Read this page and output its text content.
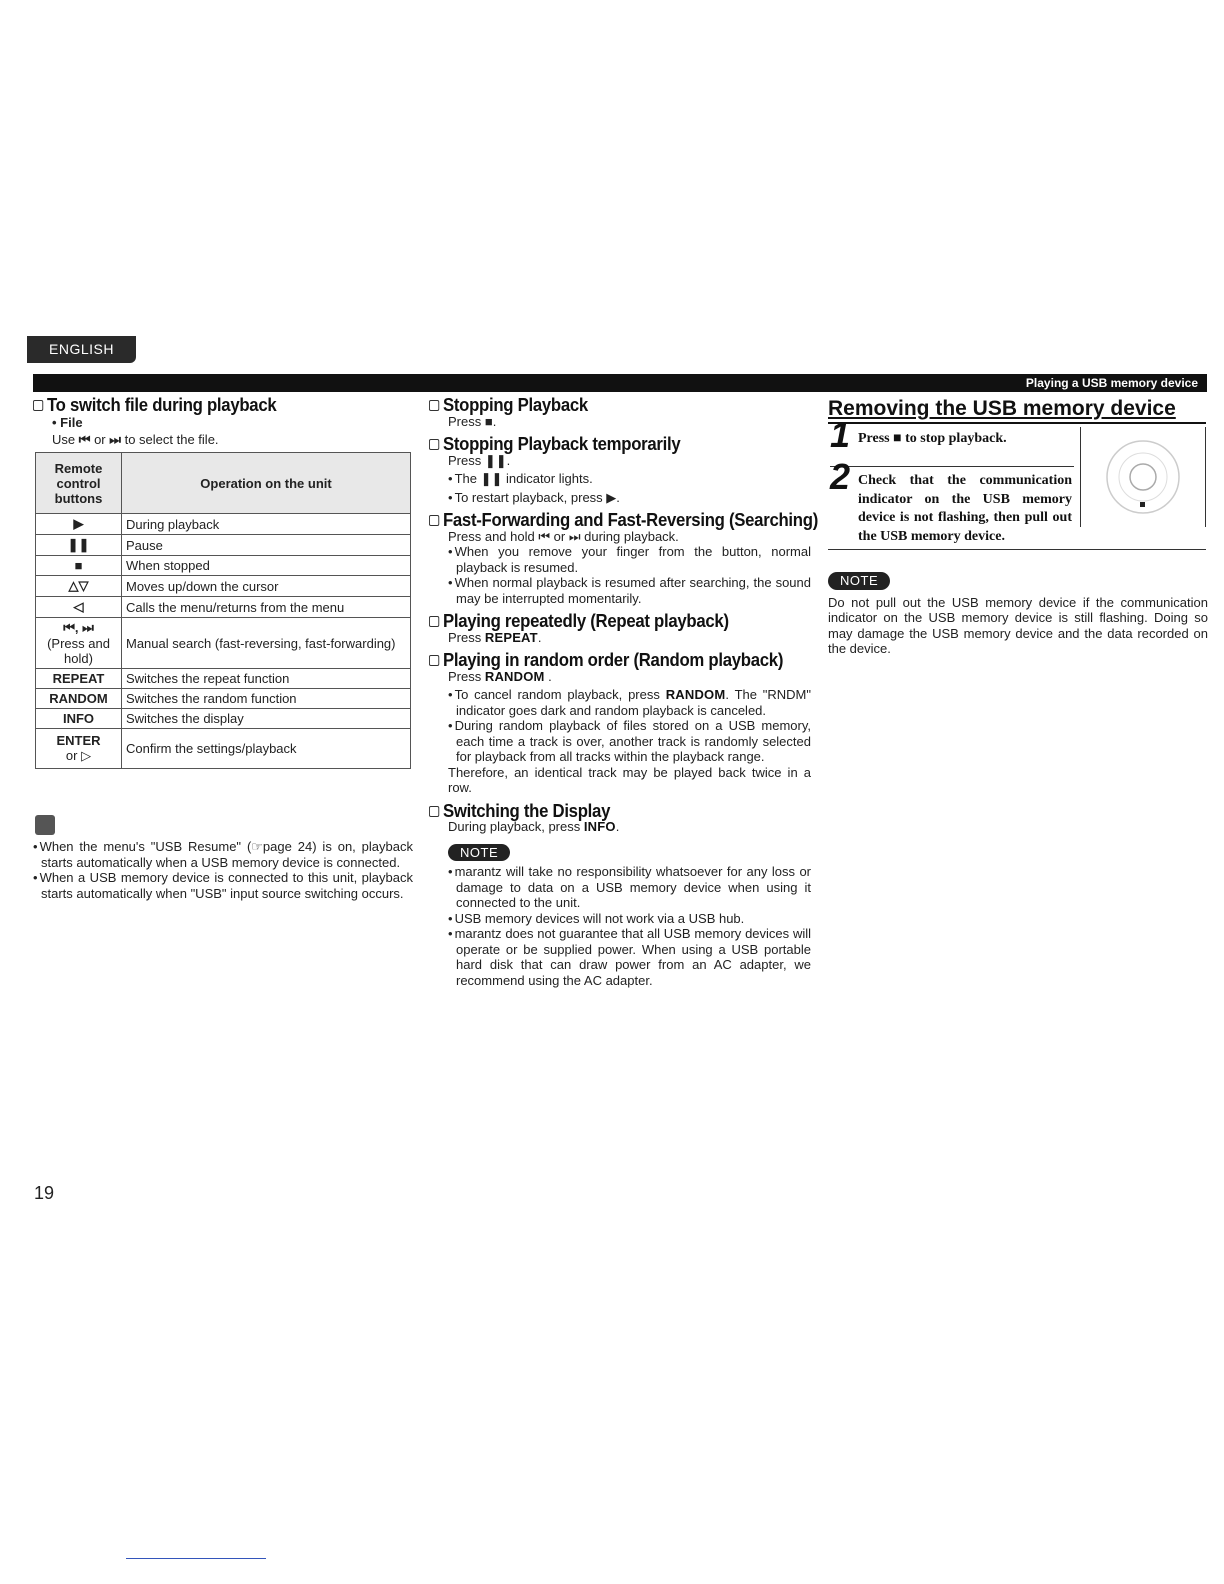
ENGLISH
Playing a USB memory device
To switch file during playback
• File
Use ⏮ or ⏭ to select the file.
Remote control buttons	Operation on the unit
▶	During playback
❚❚	Pause
■	When stopped
△▽	Moves up/down the cursor
◁	Calls the menu/returns from the menu

⏮, ⏭
(Press and hold)	Manual search (fast-reversing, fast-forwarding)
REPEAT	Switches the repeat function
RANDOM	Switches the random function
INFO	Switches the display

ENTER
or ▷	Confirm the settings/playback
• When the menu's "USB Resume" (☞page 24) is on, playback starts automatically when a USB memory device is connected.
• When a USB memory device is connected to this unit, playback starts automatically when "USB" input source switching occurs.
Stopping Playback
Press ■.
Stopping Playback temporarily
Press ❚❚.
• The ❚❚ indicator lights.
• To restart playback, press ▶.
Fast-Forwarding and Fast-Reversing (Searching)
Press and hold ⏮ or ⏭ during playback.
• When you remove your finger from the button, normal playback is resumed.
• When normal playback is resumed after searching, the sound may be interrupted momentarily.
Playing repeatedly (Repeat playback)
Press REPEAT.
Playing in random order (Random playback)
Press RANDOM .
• To cancel random playback, press RANDOM. The "RNDM" indicator goes dark and random playback is canceled.
• During random playback of files stored on a USB memory, each time a track is over, another track is randomly selected for playback from all tracks within the playback range.
Therefore, an identical track may be played back twice in a row.
Switching the Display
During playback, press INFO.
NOTE
• marantz will take no responsibility whatsoever for any loss or damage to data on a USB memory device when using it connected to the unit.
• USB memory devices will not work via a USB hub.
• marantz does not guarantee that all USB memory devices will operate or be supplied power. When using a USB portable hard disk that can draw power from an AC adapter, we recommend using the AC adapter.
Removing the USB memory device
1 Press ■ to stop playback.
2 Check that the communication indicator on the USB memory device is not flashing, then pull out the USB memory device.
NOTE
Do not pull out the USB memory device if the communication indicator on the USB memory device is still flashing. Doing so may damage the USB memory device and the data recorded on the device.
19
